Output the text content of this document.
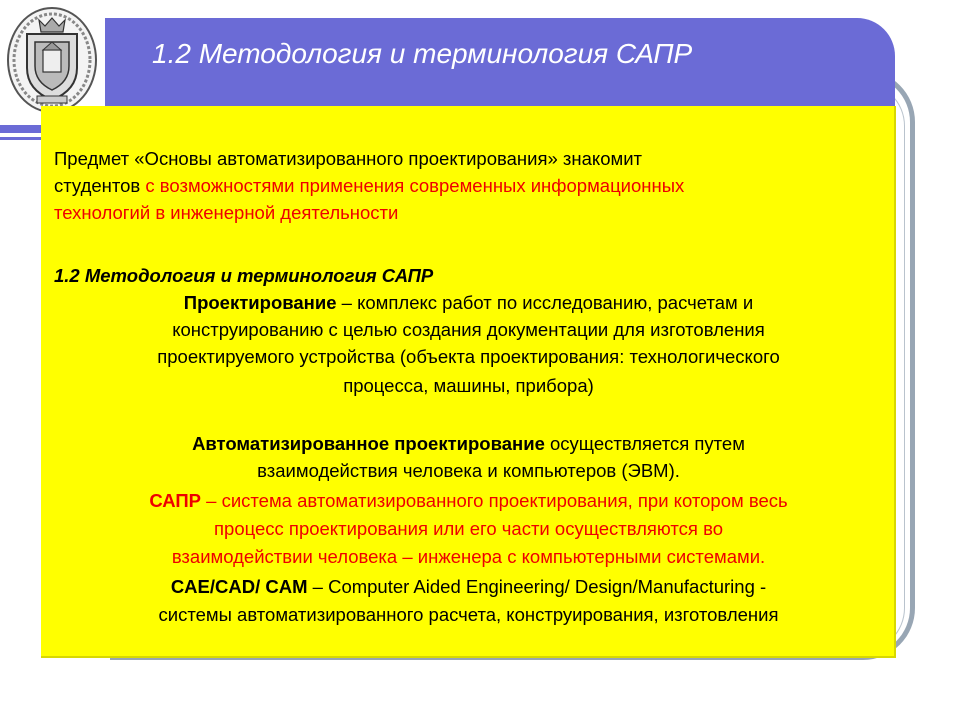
1.2 Методология и терминология САПР
Предмет «Основы автоматизированного проектирования» знакомит
студентов с возможностями применения современных информационных
технологий в инженерной деятельности
1.2 Методология и терминология САПР
Проектирование – комплекс работ по исследованию, расчетам и
конструированию с целью создания документации для изготовления
проектируемого устройства (объекта проектирования: технологического
процесса, машины, прибора)
Автоматизированное проектирование осуществляется путем
взаимодействия человека и компьютеров (ЭВМ).
САПР – система автоматизированного проектирования, при котором весь
процесс проектирования или его части осуществляются во
взаимодействии человека – инженера с компьютерными системами.
CAE/CAD/ CAM – Computer Aided Engineering/ Design/Manufacturing -
системы автоматизированного расчета, конструирования, изготовления
